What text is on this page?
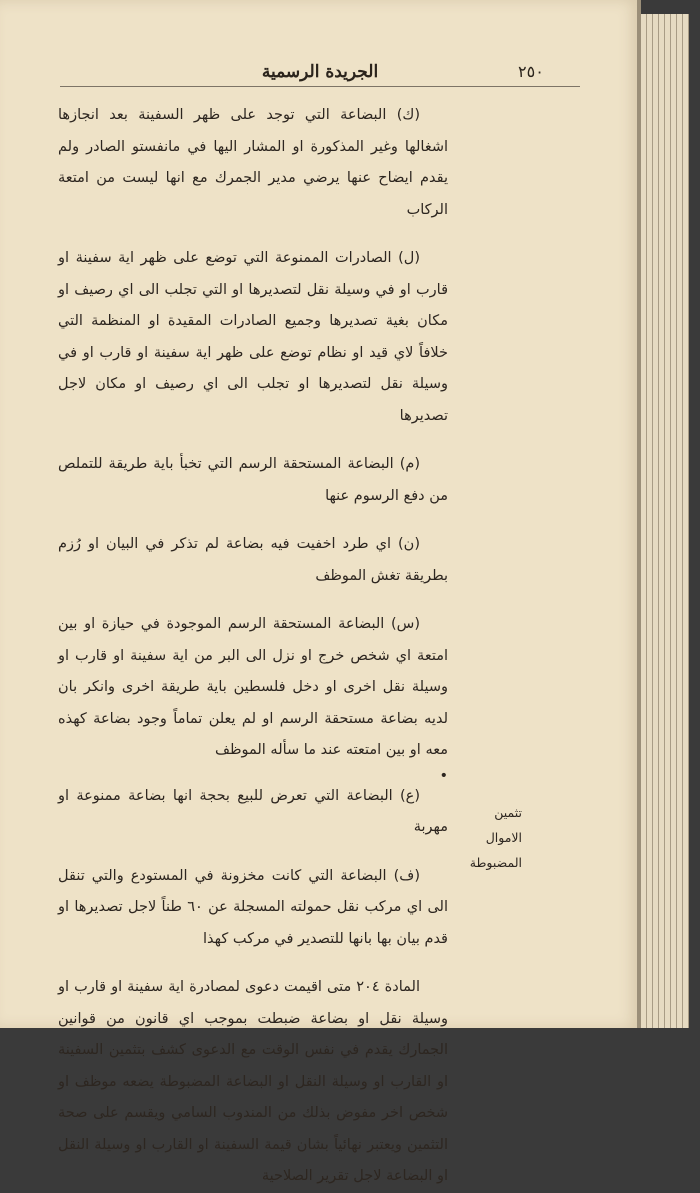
٢٥٠
الجريدة الرسمية

(ك) البضاعة التي توجد على ظهر السفينة بعد انجازها اشغالها وغير المذكورة او المشار اليها في مانفستو الصادر ولم يقدم ايضاح عنها يرضي مدير الجمرك مع انها ليست من امتعة الركاب

(ل) الصادرات الممنوعة التي توضع على ظهر اية سفينة او قارب او في وسيلة نقل لتصديرها او التي تجلب الى اي رصيف او مكان بغية تصديرها وجميع الصادرات المقيدة او المنظمة التي خلافاً لاي قيد او نظام توضع على ظهر اية سفينة او قارب او في وسيلة نقل لتصديرها او تجلب الى اي رصيف او مكان لاجل تصديرها

(م) البضاعة المستحقة الرسم التي تخبأ باية طريقة للتملص من دفع الرسوم عنها

(ن) اي طرد اخفيت فيه بضاعة لم تذكر في البيان او رُزم بطريقة تغش الموظف

(س) البضاعة المستحقة الرسم الموجودة في حيازة او بين امتعة اي شخص خرج او نزل الى البر من اية سفينة او قارب او وسيلة نقل اخرى او دخل فلسطين باية طريقة اخرى وانكر بان لديه بضاعة مستحقة الرسم او لم يعلن تماماً وجود بضاعة كهذه معه او بين امتعته عند ما سأله الموظف

•

(ع) البضاعة التي تعرض للبيع بحجة انها بضاعة ممنوعة او مهربة

(ف) البضاعة التي كانت مخزونة في المستودع والتي تنقل الى اي مركب نقل حمولته المسجلة عن ٦٠ طناً لاجل تصديرها او قدم بيان بها بانها للتصدير في مركب كهذا

المادة ٢٠٤ متى اقيمت دعوى لمصادرة اية سفينة او قارب او وسيلة نقل او بضاعة ضبطت بموجب اي قانون من قوانين الجمارك يقدم في نفس الوقت مع الدعوى كشف بتثمين السفينة او القارب او وسيلة النقل او البضاعة المضبوطة يضعه موظف او شخص اخر مفوض بذلك من المندوب السامي ويقسم على صحة التثمين ويعتبر نهائياً بشان قيمة السفينة او القارب او وسيلة النقل او البضاعة لاجل تقرير الصلاحية

تثمين الاموال المضبوطة
